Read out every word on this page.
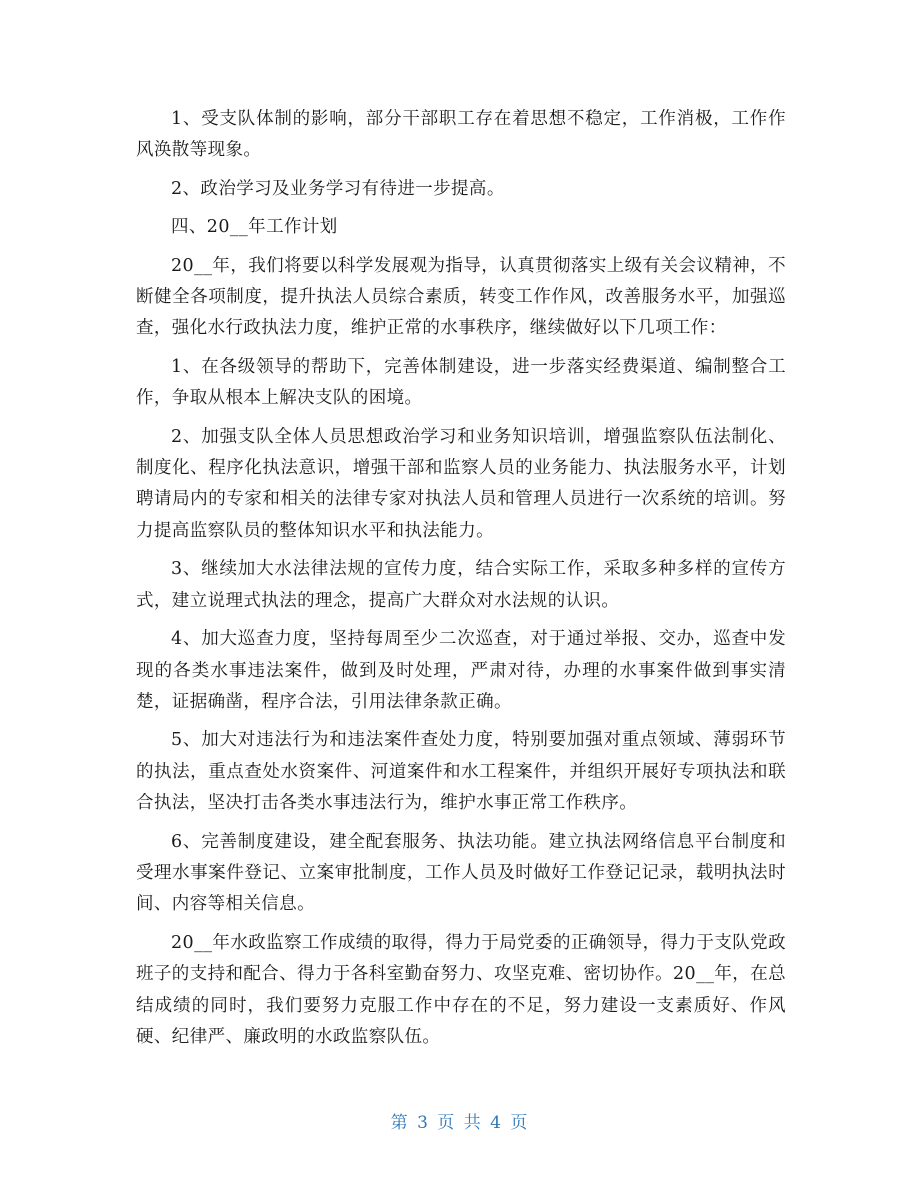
1、受支队体制的影响，部分干部职工存在着思想不稳定，工作消极，工作作风涣散等现象。

2、政治学习及业务学习有待进一步提高。

四、20__年工作计划

20__年，我们将要以科学发展观为指导，认真贯彻落实上级有关会议精神，不断健全各项制度，提升执法人员综合素质，转变工作作风，改善服务水平，加强巡查，强化水行政执法力度，维护正常的水事秩序，继续做好以下几项工作：

1、在各级领导的帮助下，完善体制建设，进一步落实经费渠道、编制整合工作，争取从根本上解决支队的困境。

2、加强支队全体人员思想政治学习和业务知识培训，增强监察队伍法制化、制度化、程序化执法意识，增强干部和监察人员的业务能力、执法服务水平，计划聘请局内的专家和相关的法律专家对执法人员和管理人员进行一次系统的培训。努力提高监察队员的整体知识水平和执法能力。

3、继续加大水法律法规的宣传力度，结合实际工作，采取多种多样的宣传方式，建立说理式执法的理念，提高广大群众对水法规的认识。

4、加大巡查力度，坚持每周至少二次巡查，对于通过举报、交办，巡查中发现的各类水事违法案件，做到及时处理，严肃对待，办理的水事案件做到事实清楚，证据确凿，程序合法，引用法律条款正确。

5、加大对违法行为和违法案件查处力度，特别要加强对重点领域、薄弱环节的执法，重点查处水资案件、河道案件和水工程案件，并组织开展好专项执法和联合执法，坚决打击各类水事违法行为，维护水事正常工作秩序。

6、完善制度建设，建全配套服务、执法功能。建立执法网络信息平台制度和受理水事案件登记、立案审批制度，工作人员及时做好工作登记记录，载明执法时间、内容等相关信息。

20__年水政监察工作成绩的取得，得力于局党委的正确领导，得力于支队党政班子的支持和配合、得力于各科室勤奋努力、攻坚克难、密切协作。20__年，在总结成绩的同时，我们要努力克服工作中存在的不足，努力建设一支素质好、作风硬、纪律严、廉政明的水政监察队伍。

第 3 页 共 4 页
